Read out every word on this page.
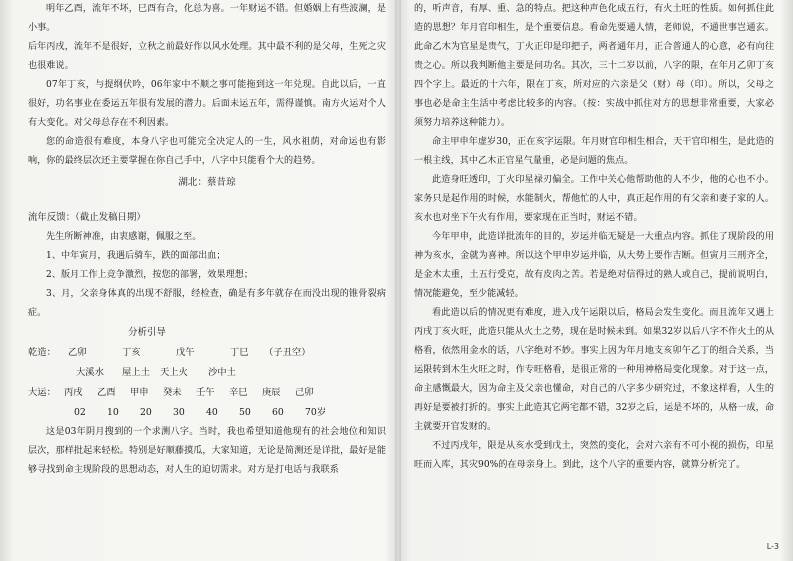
明年乙酉，流年不坏，巳酉有合，化总为喜。一年财运不错。但婚姻上有些波澜，是小事。

后年丙戌，流年不是很好，立秋之前最好作以风水处理。其中最不利的是父母，生死之灾也很难说。

07年丁亥，与提纲伏吟，06年家中不顺之事可能拖到这一年兑现。自此以后，一直很好，功名事业在委运五年很有发展的潜力。后面未运五年，需得谨慎。南方火运对个人有大变化。对父母总存在不利因素。

您的命造很有难度，本身八字也可能完全决定人的一生，风水祖荫，对命运也有影响，你的最终层次还主要掌握在你自己手中，八字中只能看个大的趋势。

湖北：蔡昔琼

流年反馈：（截止发稿日期）

先生所断神准，由衷感谢，佩服之至。

1、中年寅月，我遇后骑车，跌的面部出血；

2、版月工作上竞争激烈，按您的部署，效果理想；

3、月，父亲身体真的出现不舒服，经检查，确是有多年就存在而没出现的锥骨裂病症。

分析引导

乾造：	乙卯	丁亥	戊午	丁巳	（子丑空）
大溪水	屋上土	天上火	沙中土
大运： 丙戌	乙酉	甲申	癸未	壬午	辛巳	庚辰	己卯
02	10	20	30	40	50	60	70岁

这是03年阴月搜到的一个求测八字。当时，我也希望知道他现有的社会地位和知识层次，那样批起来轻松。特别是好顺藤摸瓜，大家知道，无论是简测还是详批，最好是能够寻找到命主现阶段的思想动态，对人生的迫切需求。对方是打电话与我联系

的，听声音，有厚、重、急的特点。把这种声色化成五行，有火土旺的性质。如何抓住此造的思想？年月官印相生，是个重要信息。看命先要通人情，老师说，不通世事岂通玄。此命乙木为官星是贵气，丁火正印是印把子，两者通年月，正合普通人的心意，必有向往贵之心。所以我判断他主要是问功名。其次，三十二岁以前，八字的限，在年月乙卯丁亥四个字上。最近的十六年，限在丁亥，所对应的六亲是父（财）母（印）。所以，父母之事也必是命主生活中考虑比较多的内容。（按：实战中抓住对方的思想非常重要，大家必须努力培养这种能力）。

命主甲申年虚岁30，正在亥字运限。年月财官印相生相合，天干官印相生，是此造的一根主线，其中乙木正官星气量重，必是问题的焦点。

此造身旺透印，丁火印星禄刃偏全。工作中关心他帮助他的人不少，他的心也不小。家务只是起作用的时候，水能制火，帮他忙的人中，真正起作用的有父亲和妻子家的人。亥水也对坐下午火有作用，要家现在正当时，财运不错。

今年甲申，此造详批流年的目的，岁运并临无疑是一大重点内容。抓住了现阶段的用神为亥水，金就为喜神。所以这个甲申岁运并临，从大势上要作吉断。但寅月三刑齐全，是金木太重，土五行受克，故有皮肉之苦。若是绝对信得过的熟人或自己，提前说明白，情况能避免，至少能减轻。

看此造以后的情况更有难度，进入戊午运限以后，格局会发生变化。而且流年又遇上丙戌丁亥火旺，此造只能从火土之势，现在是时候未到。如果32岁以后八字不作火土的从格看，依然用金水的话，八字绝对不妙。事实上因为年月地支亥卯午乙丁的组合关系，当运限转到木生火旺之时，作专旺格看，是很正常的一种用神格局变化现象。对于这一点，命主感慨最大，因为命主及父亲也懂命，对自己的八字多少研究过，不象这样看，人生的再好是要被打折的。事实上此造其它两宅都不错，32岁之后，运是不坏的，从格一成，命主就要开官发财的。

不过丙戌年，限是从亥水受到戊土，突然的变化，会对六亲有不可小视的损伤，印星旺而入库，其灾90%的在母亲身上。到此，这个八字的重要内容，就算分析完了。

L-3
